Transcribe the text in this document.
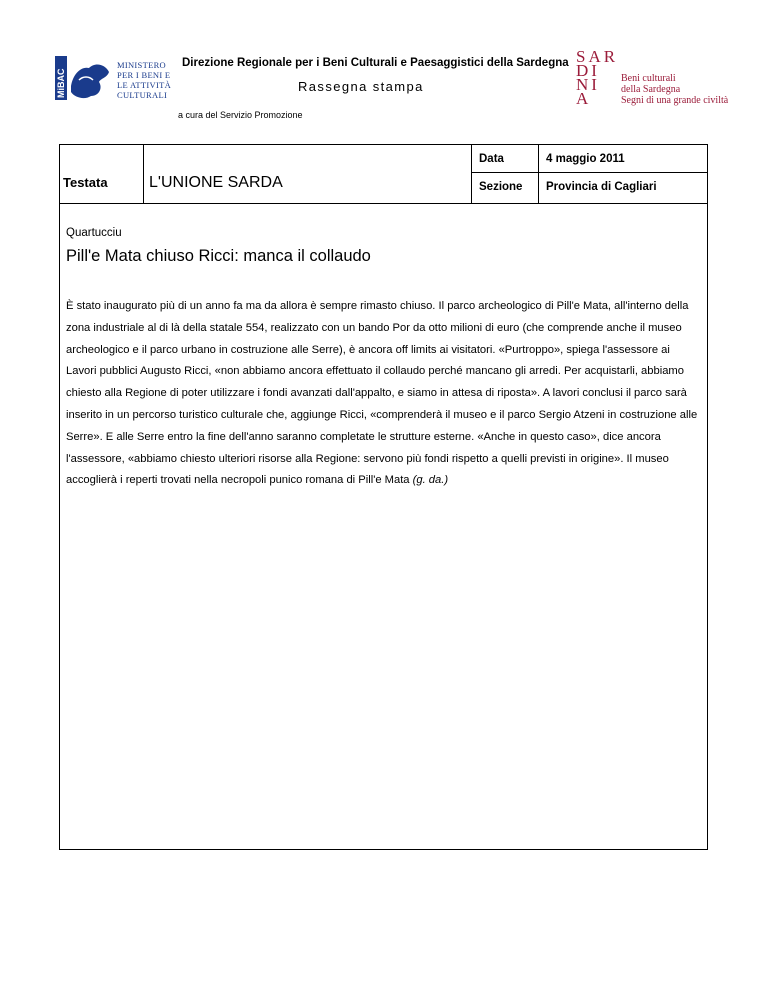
MiBAC
MINISTERO
PER I BENI E
LE ATTIVITÀ
CULTURALI
Direzione Regionale per i Beni Culturali e Paesaggistici della Sardegna
Rassegna stampa
a cura del Servizio Promozione
SAR
DI
NI
A
Beni culturali
della Sardegna
Segni di una grande civiltà
Testata	L'UNIONE SARDA
Data	4 maggio 2011
Sezione Provincia di Cagliari
Quartucciu
Pill'e Mata chiuso Ricci: manca il collaudo
È stato inaugurato più di un anno fa ma da allora è sempre rimasto chiuso. Il parco archeologico di Pill'e Mata, all'interno della zona industriale al di là della statale 554, realizzato con un bando Por da otto milioni di euro (che comprende anche il museo archeologico e il parco urbano in costruzione alle Serre), è ancora off limits ai visitatori. «Purtroppo», spiega l'assessore ai Lavori pubblici Augusto Ricci, «non abbiamo ancora effettuato il collaudo perché mancano gli arredi. Per acquistarli, abbiamo chiesto alla Regione di poter utilizzare i fondi avanzati dall'appalto, e siamo in attesa di riposta». A lavori conclusi il parco sarà inserito in un percorso turistico culturale che, aggiunge Ricci, «comprenderà il museo e il parco Sergio Atzeni in costruzione alle Serre». E alle Serre entro la fine dell'anno saranno completate le strutture esterne. «Anche in questo caso», dice ancora l'assessore, «abbiamo chiesto ulteriori risorse alla Regione: servono più fondi rispetto a quelli previsti in origine». Il museo accoglierà i reperti trovati nella necropoli punico romana di Pill'e Mata (g. da.)
